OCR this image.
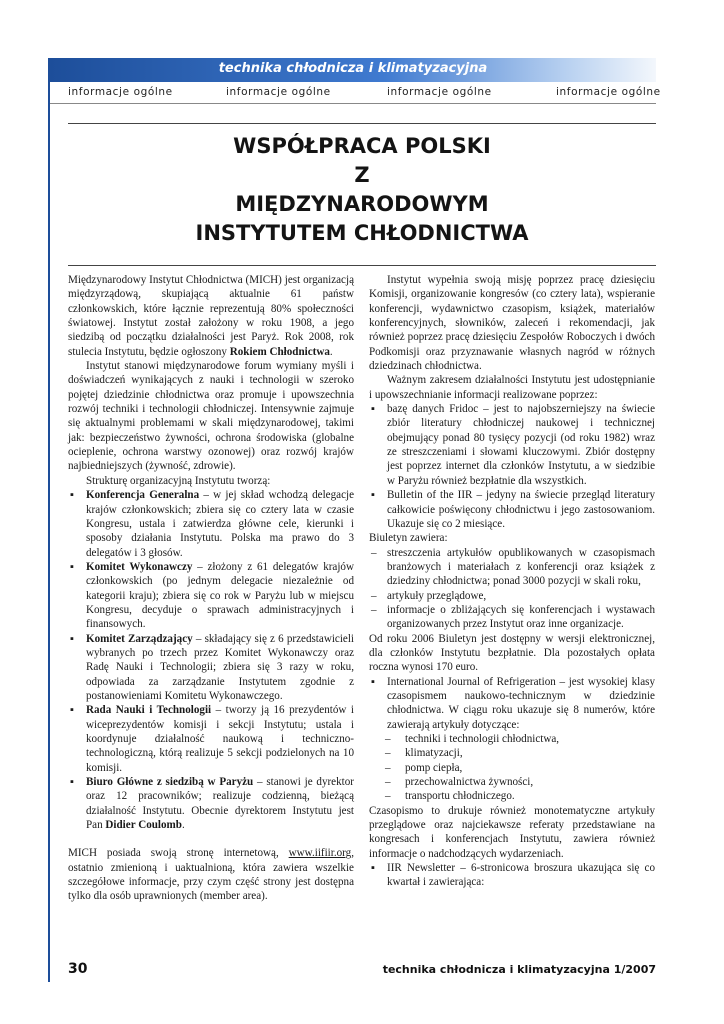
technika chłodnicza i klimatyzacyjna
informacje ogólne	informacje ogólne	informacje ogólne	informacje ogólne
WSPÓŁPRACA POLSKI
Z
MIĘDZYNARODOWYM
INSTYTUTEM CHŁODNICTWA

Międzynarodowy Instytut Chłodnictwa (MICH) jest organizacją międzyrządową, skupiającą aktualnie 61 państw członkowskich, które łącznie reprezentują 80% społeczności światowej. Instytut został założony w roku 1908, a jego siedzibą od początku działalności jest Paryż. Rok 2008, rok stulecia Instytutu, będzie ogłoszony Rokiem Chłodnictwa.

Instytut stanowi międzynarodowe forum wymiany myśli i doświadczeń wynikających z nauki i technologii w szeroko pojętej dziedzinie chłodnictwa oraz promuje i upowszechnia rozwój techniki i technologii chłodniczej. Intensywnie zajmuje się aktualnymi problemami w skali międzynarodowej, takimi jak: bezpieczeństwo żywności, ochrona środowiska (globalne ocieplenie, ochrona warstwy ozonowej) oraz rozwój krajów najbiedniejszych (żywność, zdrowie).

Strukturę organizacyjną Instytutu tworzą:

▪ Konferencja Generalna – w jej skład wchodzą delegacje krajów członkowskich; zbiera się co cztery lata w czasie Kongresu, ustala i zatwierdza główne cele, kierunki i sposoby działania Instytutu. Polska ma prawo do 3 delegatów i 3 głosów.
▪ Komitet Wykonawczy – złożony z 61 delegatów krajów członkowskich (po jednym delegacie niezależnie od kategorii kraju); zbiera się co rok w Paryżu lub w miejscu Kongresu, decyduje o sprawach administracyjnych i finansowych.
▪ Komitet Zarządzający – składający się z 6 przedstawicieli wybranych po trzech przez Komitet Wykonawczy oraz Radę Nauki i Technologii; zbiera się 3 razy w roku, odpowiada za zarządzanie Instytutem zgodnie z postanowieniami Komitetu Wykonawczego.
▪ Rada Nauki i Technologii – tworzy ją 16 prezydentów i wiceprezydentów komisji i sekcji Instytutu; ustala i koordynuje działalność naukową i techniczno-technologiczną, którą realizuje 5 sekcji podzielonych na 10 komisji.
▪ Biuro Główne z siedzibą w Paryżu – stanowi je dyrektor oraz 12 pracowników; realizuje codzienną, bieżącą działalność Instytutu. Obecnie dyrektorem Instytutu jest Pan Didier Coulomb.

MICH posiada swoją stronę internetową, www.iifiir.org, ostatnio zmienioną i uaktualnioną, która zawiera wszelkie szczegółowe informacje, przy czym część strony jest dostępna tylko dla osób uprawnionych (member area).

Instytut wypełnia swoją misję poprzez pracę dziesięciu Komisji, organizowanie kongresów (co cztery lata), wspieranie konferencji, wydawnictwo czasopism, książek, materiałów konferencyjnych, słowników, zaleceń i rekomendacji, jak również poprzez pracę dziesięciu Zespołów Roboczych i dwóch Podkomisji oraz przyznawanie własnych nagród w różnych dziedzinach chłodnictwa.

Ważnym zakresem działalności Instytutu jest udostępnianie i upowszechnianie informacji realizowane poprzez:

▪ bazę danych Fridoc – jest to najobszerniejszy na świecie zbiór literatury chłodniczej naukowej i technicznej obejmujący ponad 80 tysięcy pozycji (od roku 1982) wraz ze streszczeniami i słowami kluczowymi. Zbiór dostępny jest poprzez internet dla członków Instytutu, a w siedzibie w Paryżu również bezpłatnie dla wszystkich.
▪ Bulletin of the IIR – jedyny na świecie przegląd literatury całkowicie poświęcony chłodnictwu i jego zastosowaniom. Ukazuje się co 2 miesiące.

Biuletyn zawiera:

– streszczenia artykułów opublikowanych w czasopismach branżowych i materiałach z konferencji oraz książek z dziedziny chłodnictwa; ponad 3000 pozycji w skali roku,
– artykuły przeglądowe,
– informacje o zbliżających się konferencjach i wystawach organizowanych przez Instytut oraz inne organizacje.

Od roku 2006 Biuletyn jest dostępny w wersji elektronicznej, dla członków Instytutu bezpłatnie. Dla pozostałych opłata roczna wynosi 170 euro.

▪ International Journal of Refrigeration – jest wysokiej klasy czasopismem naukowo-technicznym w dziedzinie chłodnictwa. W ciągu roku ukazuje się 8 numerów, które zawierają artykuły dotyczące:
– techniki i technologii chłodnictwa,
– klimatyzacji,
– pomp ciepła,
– przechowalnictwa żywności,
– transportu chłodniczego.

Czasopismo to drukuje również monotematyczne artykuły przeglądowe oraz najciekawsze referaty przedstawiane na kongresach i konferencjach Instytutu, zawiera również informacje o nadchodzących wydarzeniach.

▪ IIR Newsletter – 6-stronicowa broszura ukazująca się co kwartał i zawierająca:
30	technika chłodnicza i klimatyzacyjna 1/2007
